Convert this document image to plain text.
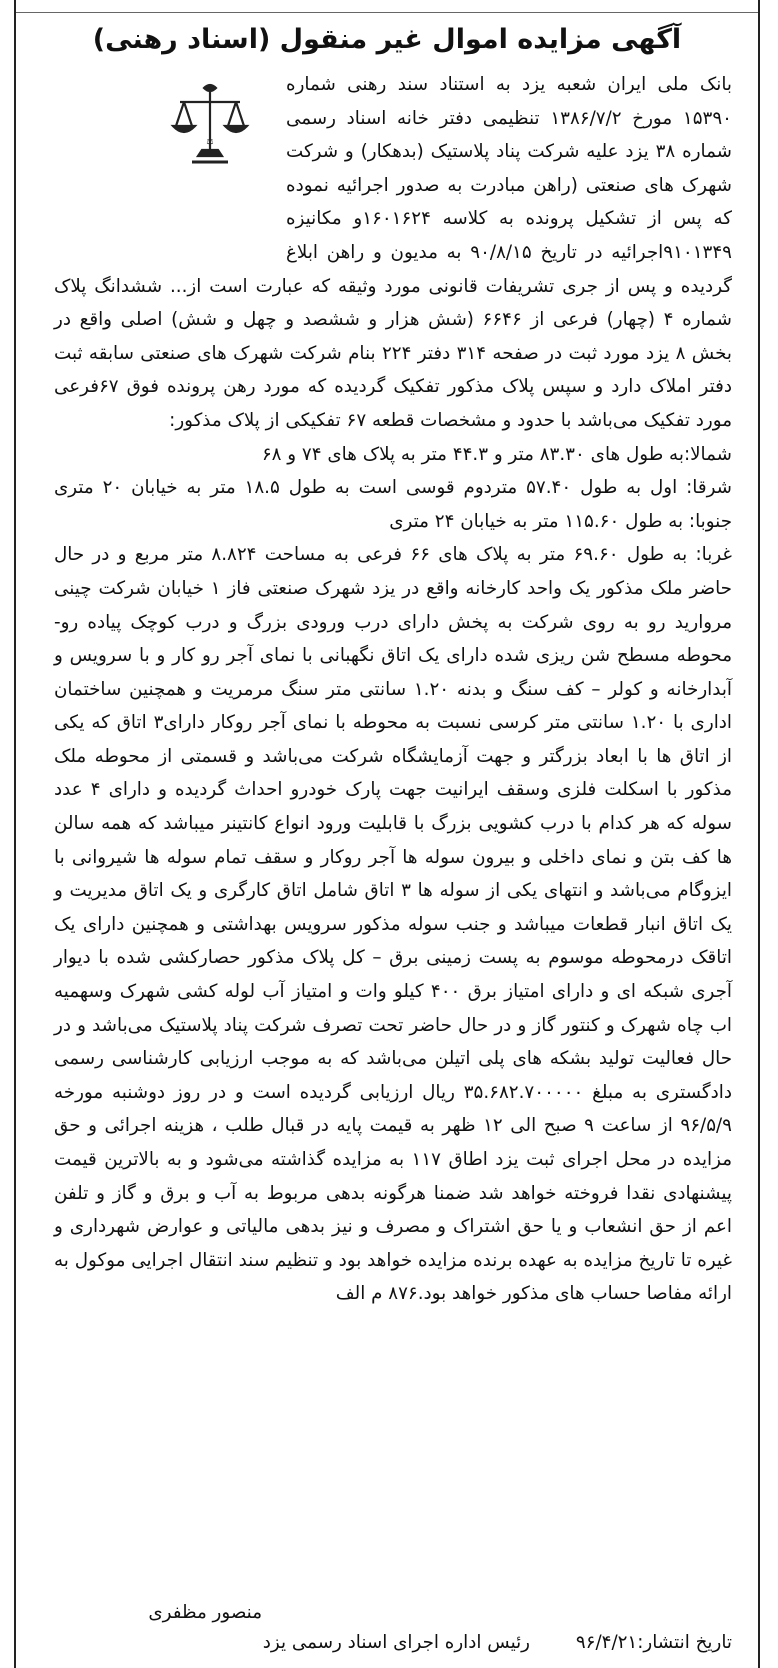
آگهی مزایده اموال غیر منقول (اسناد رهنی)
⚖

بانک ملی ایران شعبه یزد به استناد سند رهنی شماره ۱۵۳۹۰ مورخ ۱۳۸۶/۷/۲ تنظیمی دفتر خانه اسناد رسمی شماره ۳۸ یزد علیه شرکت پناد پلاستیک (بدهکار) و شرکت شهرک های صنعتی (راهن مبادرت به صدور اجرائیه نموده که پس از تشکیل پرونده به کلاسه ۱۶۰۱۶۲۴و مکانیزه ۹۱۰۱۳۴۹اجرائیه در تاریخ ۹۰/۸/۱۵ به مدیون و راهن ابلاغ گردیده و پس از جری تشریفات قانونی مورد وثیقه که عبارت است از... ششدانگ پلاک شماره ۴ (چهار) فرعی از ۶۶۴۶ (شش هزار و ششصد و چهل و شش) اصلی واقع در بخش ۸ یزد مورد ثبت در صفحه ۳۱۴ دفتر ۲۲۴ بنام شرکت شهرک های صنعتی سابقه ثبت دفتر املاک دارد و سپس پلاک مذکور تفکیک گردیده که مورد رهن پرونده فوق ۶۷فرعی مورد تفکیک می‌باشد با حدود و مشخصات قطعه ۶۷ تفکیکی از پلاک مذکور:

شمالا:به طول های ۸۳.۳۰ متر و ۴۴.۳ متر به پلاک های ۷۴ و ۶۸

شرقا: اول به طول ۵۷.۴۰ متردوم قوسی است به طول ۱۸.۵ متر به خیابان ۲۰ متری جنوبا: به طول ۱۱۵.۶۰ متر به خیابان ۲۴ متری

غربا: به طول ۶۹.۶۰ متر به پلاک های ۶۶ فرعی به مساحت ۸.۸۲۴ متر مربع و در حال حاضر ملک مذکور یک واحد کارخانه واقع در یزد شهرک صنعتی فاز ۱ خیابان شرکت چینی مروارید رو به روی شرکت به پخش دارای درب ورودی بزرگ و درب کوچک پیاده رو- محوطه مسطح شن ریزی شده دارای یک اتاق نگهبانی با نمای آجر رو کار و با سرویس و آبدارخانه و کولر – کف سنگ و بدنه ۱.۲۰ سانتی متر سنگ مرمریت و همچنین ساختمان اداری با ۱.۲۰ سانتی متر کرسی نسبت به محوطه با نمای آجر روکار دارای۳ اتاق که یکی از اتاق ها با ابعاد بزرگتر و جهت آزمایشگاه شرکت می‌باشد و قسمتی از محوطه ملک مذکور با اسکلت فلزی وسقف ایرانیت جهت پارک خودرو احداث گردیده و دارای ۴ عدد سوله که هر کدام با درب کشویی بزرگ با قابلیت ورود انواع کانتینر میباشد که همه سالن ها کف بتن و نمای داخلی و بیرون سوله ها آجر روکار و سقف تمام سوله ها شیروانی با ایزوگام می‌باشد و انتهای یکی از سوله ها ۳ اتاق شامل اتاق کارگری و یک اتاق مدیریت و یک اتاق انبار قطعات میباشد و جنب سوله مذکور سرویس بهداشتی و همچنین دارای یک اتاقک درمحوطه موسوم به پست زمینی برق – کل پلاک مذکور حصارکشی شده با دیوار آجری شبکه ای و دارای امتیاز برق ۴۰۰ کیلو وات و امتیاز آب لوله کشی شهرک وسهمیه اب چاه شهرک و کنتور گاز و در حال حاضر تحت تصرف شرکت پناد پلاستیک می‌باشد و در حال فعالیت تولید بشکه های پلی اتیلن می‌باشد که به موجب ارزیابی کارشناسی رسمی دادگستری به مبلغ ۳۵.۶۸۲.۷۰۰۰۰۰ ریال ارزیابی گردیده است و در روز دوشنبه مورخه ۹۶/۵/۹ از ساعت ۹ صبح الی ۱۲ ظهر به قیمت پایه در قبال طلب ، هزینه اجرائی و حق مزایده در محل اجرای ثبت یزد اطاق ۱۱۷ به مزایده گذاشته می‌شود و به بالاترین قیمت پیشنهادی نقدا فروخته خواهد شد ضمنا هرگونه بدهی مربوط به آب و برق و گاز و تلفن اعم از حق انشعاب و یا حق اشتراک و مصرف و نیز بدهی مالیاتی و عوارض شهرداری و غیره تا تاریخ مزایده به عهده برنده مزایده خواهد بود و تنظیم سند انتقال اجرایی موکول به ارائه مفاصا حساب های مذکور خواهد بود.۸۷۶ م الف

منصور مظفری
تاریخ انتشار:۹۶/۴/۲۱ رئیس اداره اجرای اسناد رسمی یزد
